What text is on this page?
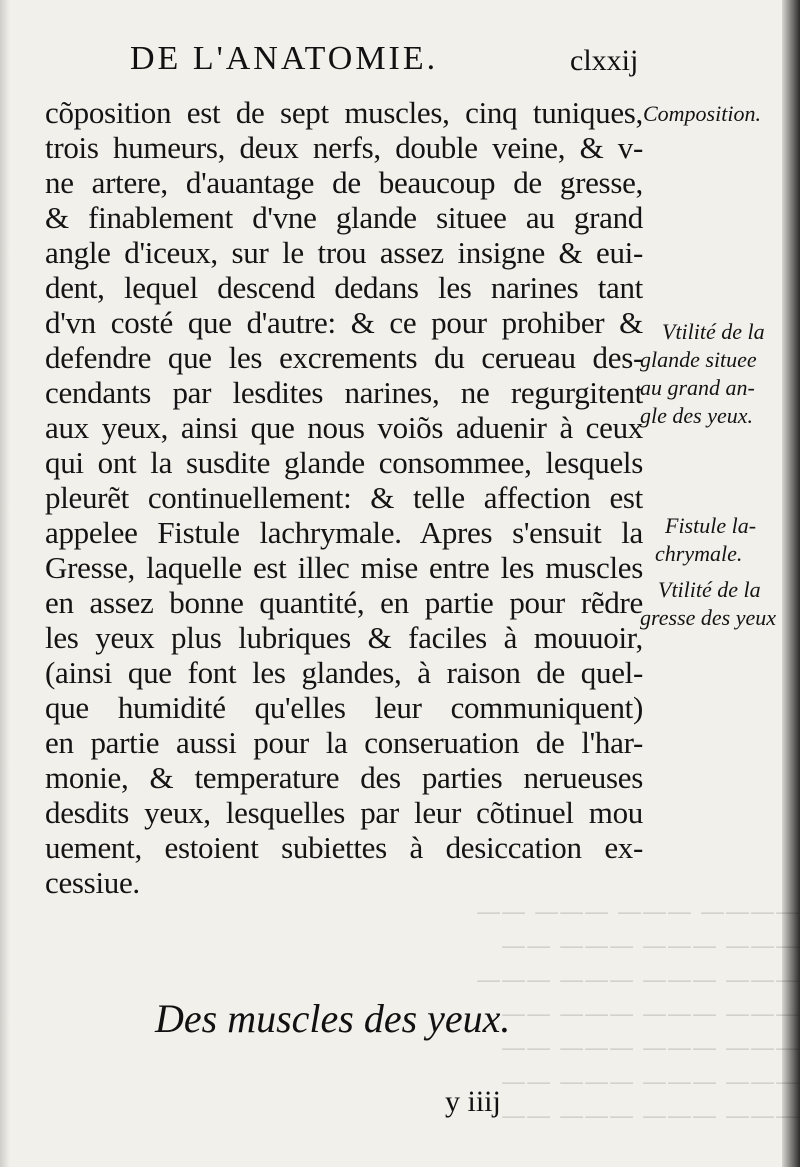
———— ——— ——— ——
——— ——— ——— ——
——— ——— ——— ———
——— ——— ——— ——
——— ——— ——— ——
——— ——— ——— ——
——— ——— ——— ——
DE L'ANATOMIE.	clxxij
cõposition est de sept muscles, cinq tuniques,
trois humeurs, deux nerfs, double veine, & v-
ne artere, d'auantage de beaucoup de gresse,
& finablement d'vne glande situee au grand
angle d'iceux, sur le trou assez insigne & eui-
dent, lequel descend dedans les narines tant
d'vn costé que d'autre: & ce pour prohiber &
defendre que les excrements du cerueau des-
cendants par lesdites narines, ne regurgitent
aux yeux, ainsi que nous voiõs aduenir à ceux
qui ont la susdite glande consommee, lesquels
pleurẽt continuellement: & telle affection est
appelee Fistule lachrymale. Apres s'ensuit la
Gresse, laquelle est illec mise entre les muscles
en assez bonne quantité, en partie pour rẽdre
les yeux plus lubriques & faciles à mouuoir,
(ainsi que font les glandes, à raison de quel-
que humidité qu'elles leur communiquent)
en partie aussi pour la conseruation de l'har-
monie, & temperature des parties nerueuses
desdits yeux, lesquelles par leur cõtinuel mou
uement, estoient subiettes à desiccation ex-
cessiue.
Composition.
Vtilité de la
glande situee
au grand an-
gle des yeux.
Fistule la-
chrymale.
Vtilité de la
gresse des yeux
Des muscles des yeux.
y iiij
